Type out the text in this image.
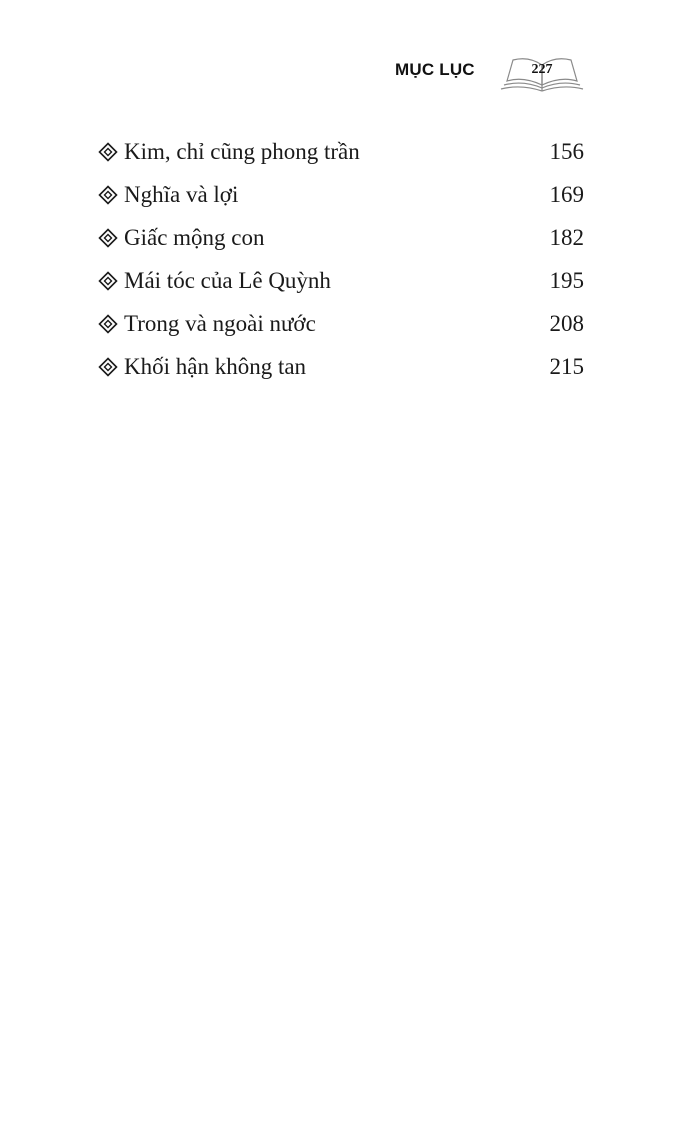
MỤC LỤC	227
Kim, chỉ cũng phong trần	156
Nghĩa và lợi	169
Giấc mộng con	182
Mái tóc của Lê Quỳnh	195
Trong và ngoài nước	208
Khối hận không tan	215
